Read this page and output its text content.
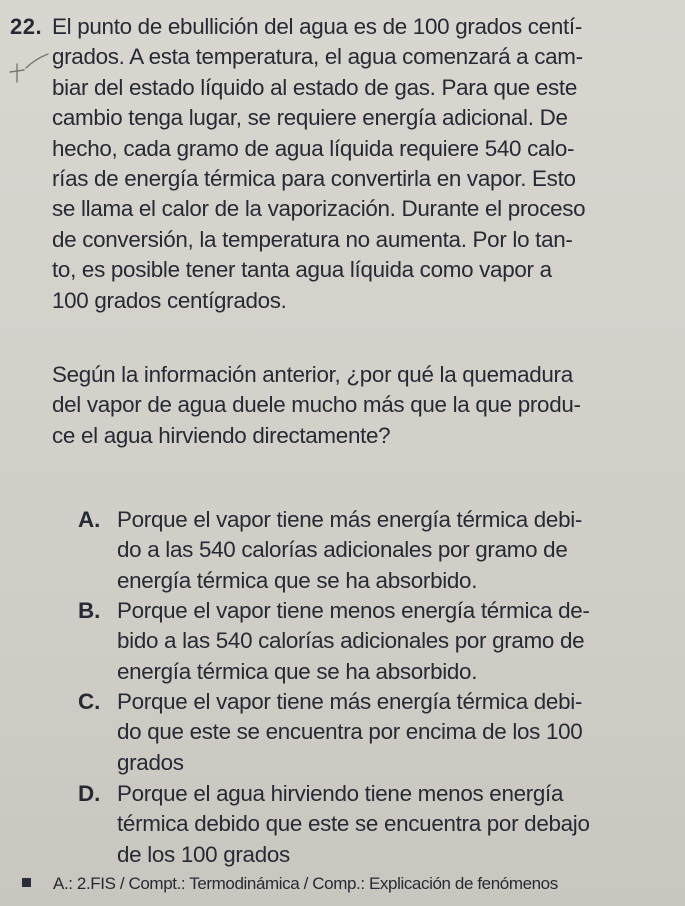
22. El punto de ebullición del agua es de 100 grados centí-
grados. A esta temperatura, el agua comenzará a cam-
biar del estado líquido al estado de gas. Para que este
cambio tenga lugar, se requiere energía adicional. De
hecho, cada gramo de agua líquida requiere 540 calo-
rías de energía térmica para convertirla en vapor. Esto
se llama el calor de la vaporización. Durante el proceso
de conversión, la temperatura no aumenta. Por lo tan-
to, es posible tener tanta agua líquida como vapor a
100 grados centígrados.

Según la información anterior, ¿por qué la quemadura
del vapor de agua duele mucho más que la que produ-
ce el agua hirviendo directamente?

A. Porque el vapor tiene más energía térmica debi-
do a las 540 calorías adicionales por gramo de
energía térmica que se ha absorbido.

B. Porque el vapor tiene menos energía térmica de-
bido a las 540 calorías adicionales por gramo de
energía térmica que se ha absorbido.

C. Porque el vapor tiene más energía térmica debi-
do que este se encuentra por encima de los 100
grados

D. Porque el agua hirviendo tiene menos energía
térmica debido que este se encuentra por debajo
de los 100 grados

A.: 2.FIS / Compt.: Termodinámica / Comp.: Explicación de fenómenos
